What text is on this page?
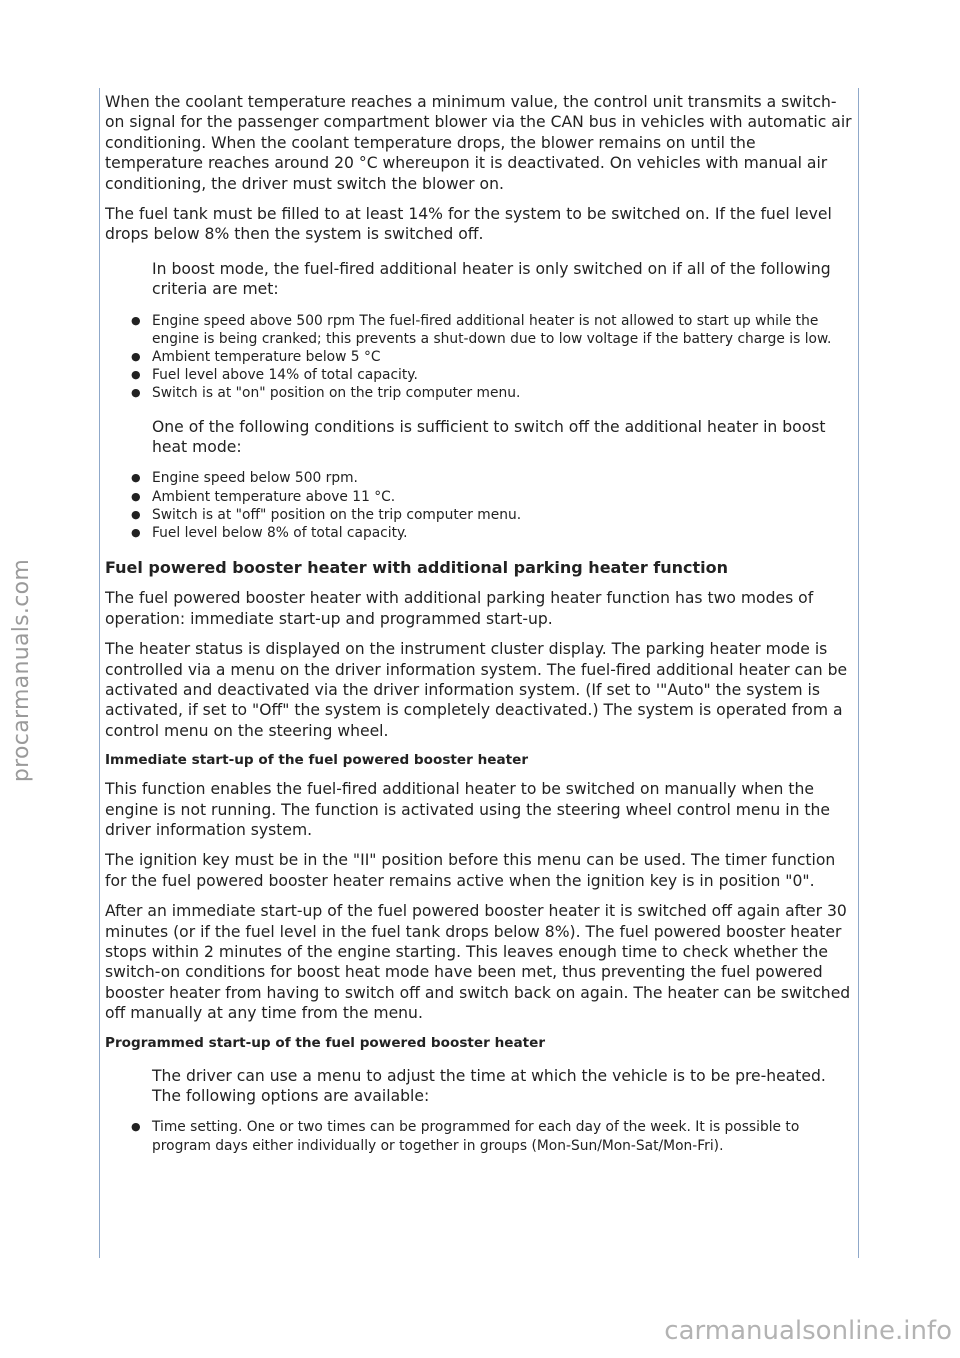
procarmanuals.com

When the coolant temperature reaches a minimum value, the control unit transmits a switch-on signal for the passenger compartment blower via the CAN bus in vehicles with automatic air conditioning. When the coolant temperature drops, the blower remains on until the temperature reaches around 20 °C whereupon it is deactivated. On vehicles with manual air conditioning, the driver must switch the blower on.

The fuel tank must be filled to at least 14% for the system to be switched on. If the fuel level drops below 8% then the system is switched off.

In boost mode, the fuel-fired additional heater is only switched on if all of the following criteria are met:

● Engine speed above 500 rpm The fuel-fired additional heater is not allowed to start up while the engine is being cranked; this prevents a shut-down due to low voltage if the battery charge is low.
● Ambient temperature below 5 °C
● Fuel level above 14% of total capacity.
● Switch is at "on" position on the trip computer menu.

One of the following conditions is sufficient to switch off the additional heater in boost heat mode:

● Engine speed below 500 rpm.
● Ambient temperature above 11 °C.
● Switch is at "off" position on the trip computer menu.
● Fuel level below 8% of total capacity.
Fuel powered booster heater with additional parking heater function

The fuel powered booster heater with additional parking heater function has two modes of operation: immediate start-up and programmed start-up.

The heater status is displayed on the instrument cluster display. The parking heater mode is controlled via a menu on the driver information system. The fuel-fired additional heater can be activated and deactivated via the driver information system. (If set to '"Auto" the system is activated, if set to "Off" the system is completely deactivated.) The system is operated from a control menu on the steering wheel.

Immediate start-up of the fuel powered booster heater

This function enables the fuel-fired additional heater to be switched on manually when the engine is not running. The function is activated using the steering wheel control menu in the driver information system.

The ignition key must be in the "II" position before this menu can be used. The timer function for the fuel powered booster heater remains active when the ignition key is in position "0".

After an immediate start-up of the fuel powered booster heater it is switched off again after 30 minutes (or if the fuel level in the fuel tank drops below 8%). The fuel powered booster heater stops within 2 minutes of the engine starting. This leaves enough time to check whether the switch-on conditions for boost heat mode have been met, thus preventing the fuel powered booster heater from having to switch off and switch back on again. The heater can be switched off manually at any time from the menu.

Programmed start-up of the fuel powered booster heater

The driver can use a menu to adjust the time at which the vehicle is to be pre-heated. The following options are available:

● Time setting. One or two times can be programmed for each day of the week. It is possible to program days either individually or together in groups (Mon-Sun/Mon-Sat/Mon-Fri).
carmanualsonline.info
